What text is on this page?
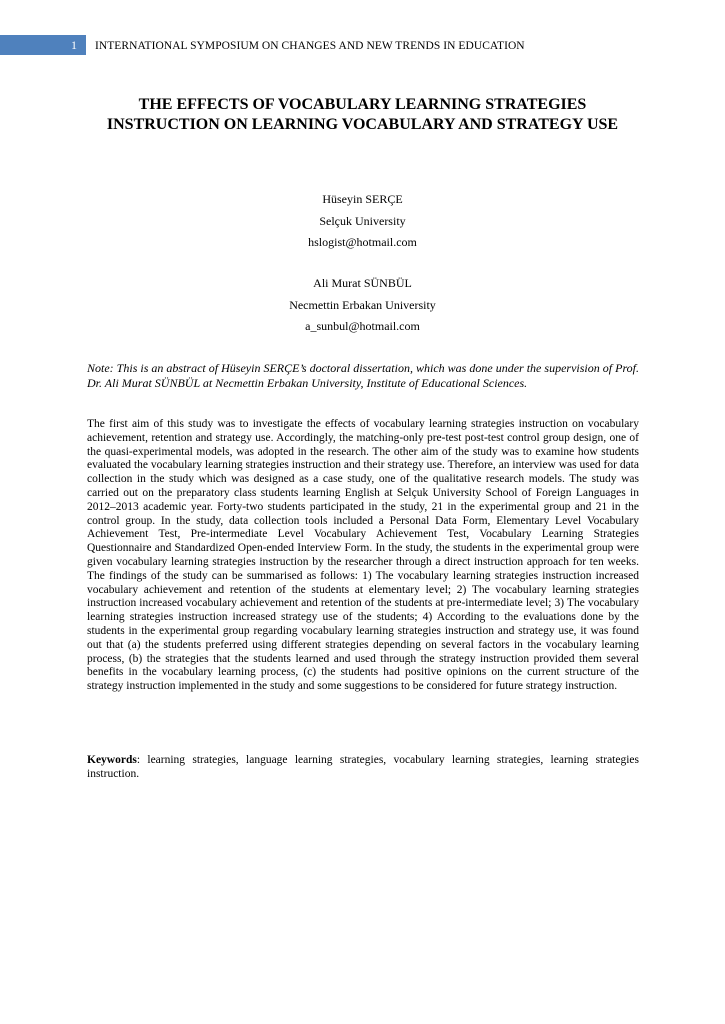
1 INTERNATIONAL SYMPOSIUM ON CHANGES AND NEW TRENDS IN EDUCATION
THE EFFECTS OF VOCABULARY LEARNING STRATEGIES
INSTRUCTION ON LEARNING VOCABULARY AND STRATEGY USE
Hüseyin SERÇE
Selçuk University
hslogist@hotmail.com
Ali Murat SÜNBÜL
Necmettin Erbakan University
a_sunbul@hotmail.com

Note: This is an abstract of Hüseyin SERÇE’s doctoral dissertation, which was done under the supervision of Prof. Dr. Ali Murat SÜNBÜL at Necmettin Erbakan University, Institute of Educational Sciences.

The first aim of this study was to investigate the effects of vocabulary learning strategies instruction on vocabulary achievement, retention and strategy use. Accordingly, the matching-only pre-test post-test control group design, one of the quasi-experimental models, was adopted in the research. The other aim of the study was to examine how students evaluated the vocabulary learning strategies instruction and their strategy use. Therefore, an interview was used for data collection in the study which was designed as a case study, one of the qualitative research models. The study was carried out on the preparatory class students learning English at Selçuk University School of Foreign Languages in 2012–2013 academic year. Forty-two students participated in the study, 21 in the experimental group and 21 in the control group. In the study, data collection tools included a Personal Data Form, Elementary Level Vocabulary Achievement Test, Pre-intermediate Level Vocabulary Achievement Test, Vocabulary Learning Strategies Questionnaire and Standardized Open-ended Interview Form. In the study, the students in the experimental group were given vocabulary learning strategies instruction by the researcher through a direct instruction approach for ten weeks. The findings of the study can be summarised as follows: 1) The vocabulary learning strategies instruction increased vocabulary achievement and retention of the students at elementary level; 2) The vocabulary learning strategies instruction increased vocabulary achievement and retention of the students at pre-intermediate level; 3) The vocabulary learning strategies instruction increased strategy use of the students; 4) According to the evaluations done by the students in the experimental group regarding vocabulary learning strategies instruction and strategy use, it was found out that (a) the students preferred using different strategies depending on several factors in the vocabulary learning process, (b) the strategies that the students learned and used through the strategy instruction provided them several benefits in the vocabulary learning process, (c) the students had positive opinions on the current structure of the strategy instruction implemented in the study and some suggestions to be considered for future strategy instruction.

Keywords: learning strategies, language learning strategies, vocabulary learning strategies, learning strategies instruction.
